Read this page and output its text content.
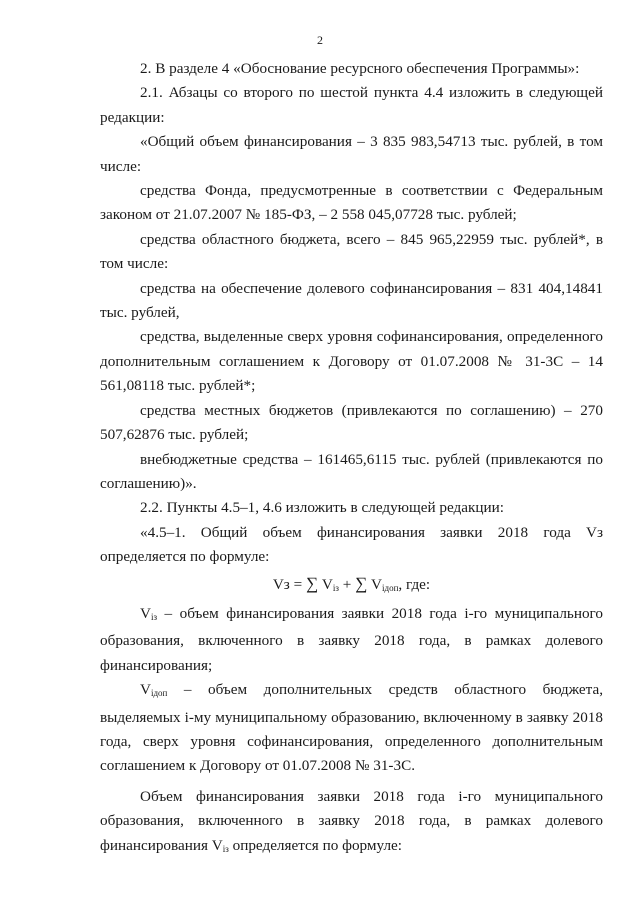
2

2. В разделе 4 «Обоснование ресурсного обеспечения Программы»:

2.1. Абзацы со второго по шестой пункта 4.4 изложить в следующей редакции:

«Общий объем финансирования – 3 835 983,54713 тыс. рублей, в том числе:

средства Фонда, предусмотренные в соответствии с Федеральным законом от 21.07.2007 № 185-ФЗ, – 2 558 045,07728 тыс. рублей;

средства областного бюджета, всего – 845 965,22959 тыс. рублей*, в том числе:

средства на обеспечение долевого софинансирования – 831 404,14841 тыс. рублей,

средства, выделенные сверх уровня софинансирования, определенного дополнительным соглашением к Договору от 01.07.2008 № 31-3С – 14 561,08118 тыс. рублей*;

средства местных бюджетов (привлекаются по соглашению) – 270 507,62876 тыс. рублей;

внебюджетные средства – 161465,6115 тыс. рублей (привлекаются по соглашению)».

2.2. Пункты 4.5–1, 4.6 изложить в следующей редакции:

«4.5–1. Общий объем финансирования заявки 2018 года Vз определяется по формуле:

Vз = ∑ $V_{iз}$ + ∑ $V_{iдоп}$, где:

$V_{iз}$ – объем финансирования заявки 2018 года i-го муниципального образования, включенного в заявку 2018 года, в рамках долевого финансирования;

$V_{iдоп}$ – объем дополнительных средств областного бюджета, выделяемых i-му муниципальному образованию, включенному в заявку 2018 года, сверх уровня софинансирования, определенного дополнительным соглашением к Договору от 01.07.2008 № 31-3С.

Объем финансирования заявки 2018 года i-го муниципального образования, включенного в заявку 2018 года, в рамках долевого финансирования $V_{iз}$ определяется по формуле:
